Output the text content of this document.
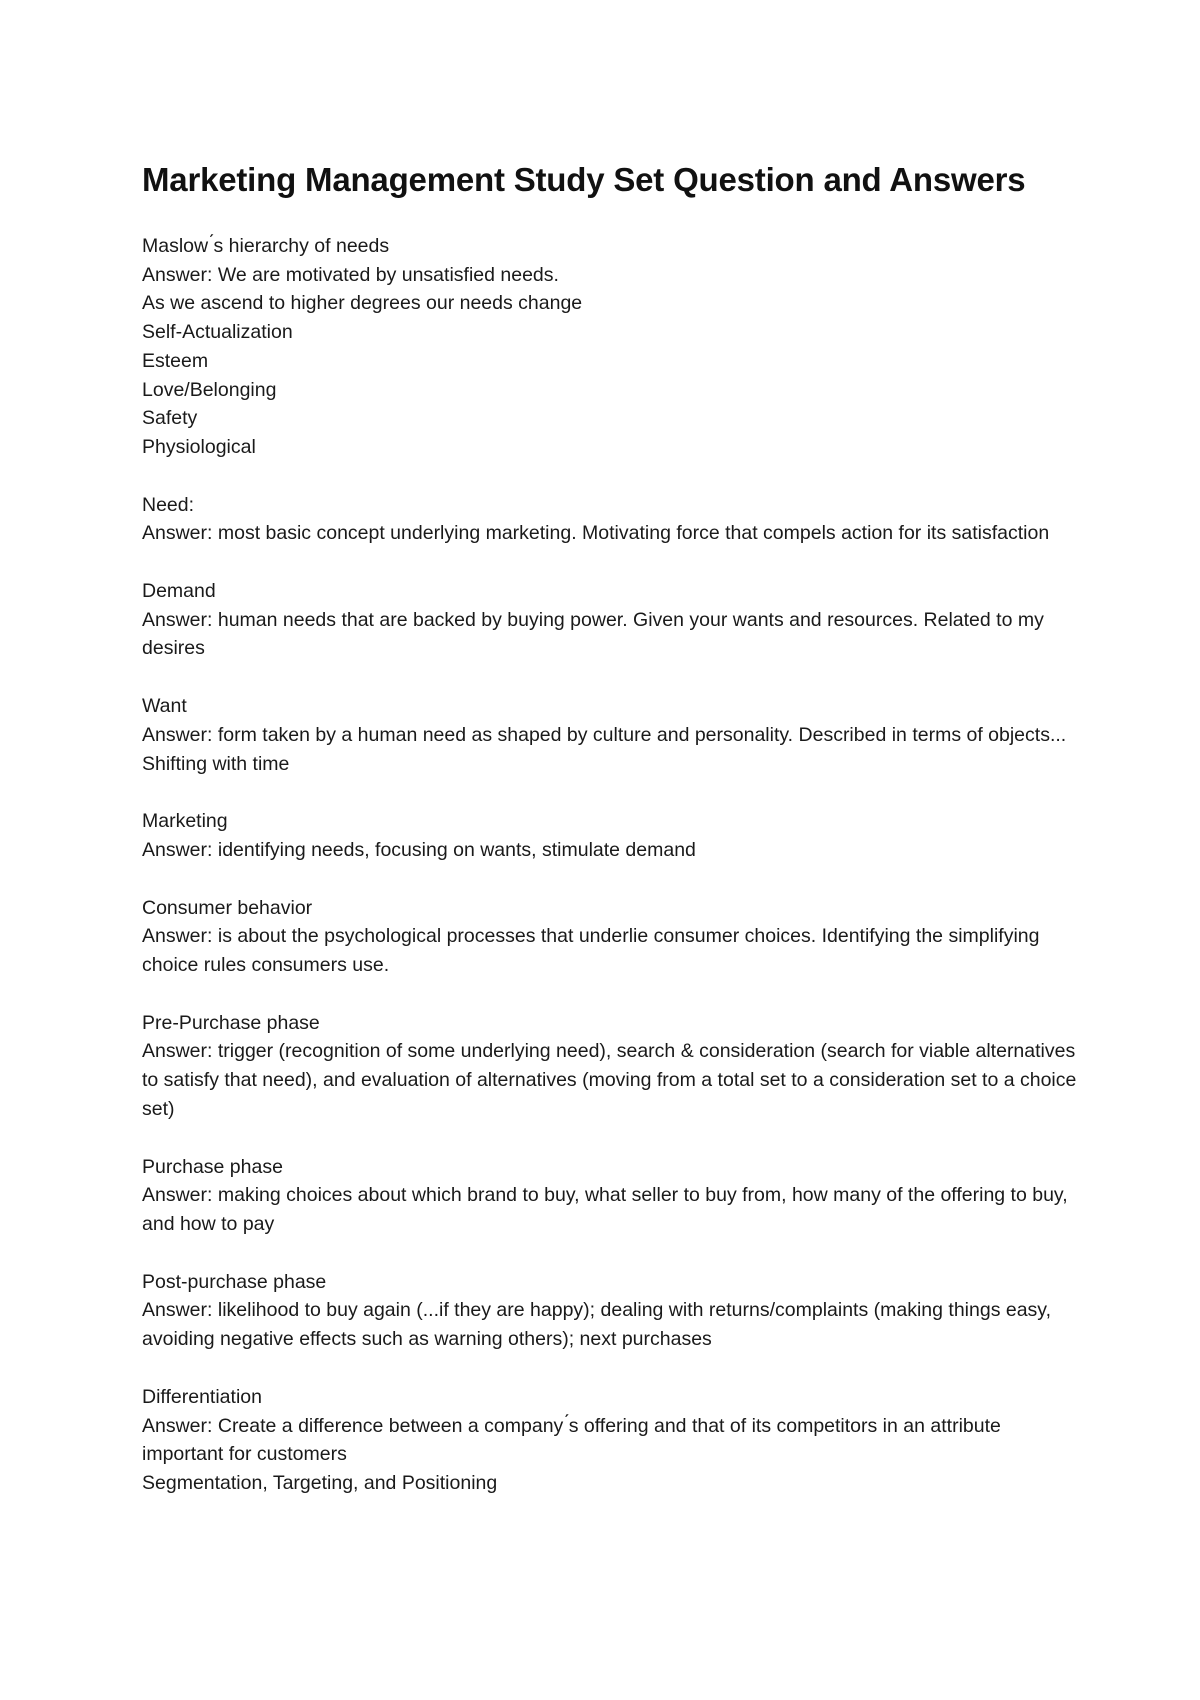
Marketing Management Study Set Question and Answers
Maslow ́s hierarchy of needs
Answer: We are motivated by unsatisfied needs.
As we ascend to higher degrees our needs change
Self-Actualization
Esteem
Love/Belonging
Safety
Physiological
Need:
Answer: most basic concept underlying marketing. Motivating force that compels action for its satisfaction
Demand
Answer: human needs that are backed by buying power. Given your wants and resources. Related to my desires
Want
Answer: form taken by a human need as shaped by culture and personality. Described in terms of objects... Shifting with time
Marketing
Answer: identifying needs, focusing on wants, stimulate demand
Consumer behavior
Answer: is about the psychological processes that underlie consumer choices. Identifying the simplifying choice rules consumers use.
Pre-Purchase phase
Answer: trigger (recognition of some underlying need), search & consideration (search for viable alternatives to satisfy that need), and evaluation of alternatives (moving from a total set to a consideration set to a choice set)
Purchase phase
Answer: making choices about which brand to buy, what seller to buy from, how many of the offering to buy, and how to pay
Post-purchase phase
Answer: likelihood to buy again (...if they are happy); dealing with returns/complaints (making things easy, avoiding negative effects such as warning others); next purchases
Differentiation
Answer: Create a difference between a company ́s offering and that of its competitors in an attribute important for customers
Segmentation, Targeting, and Positioning
